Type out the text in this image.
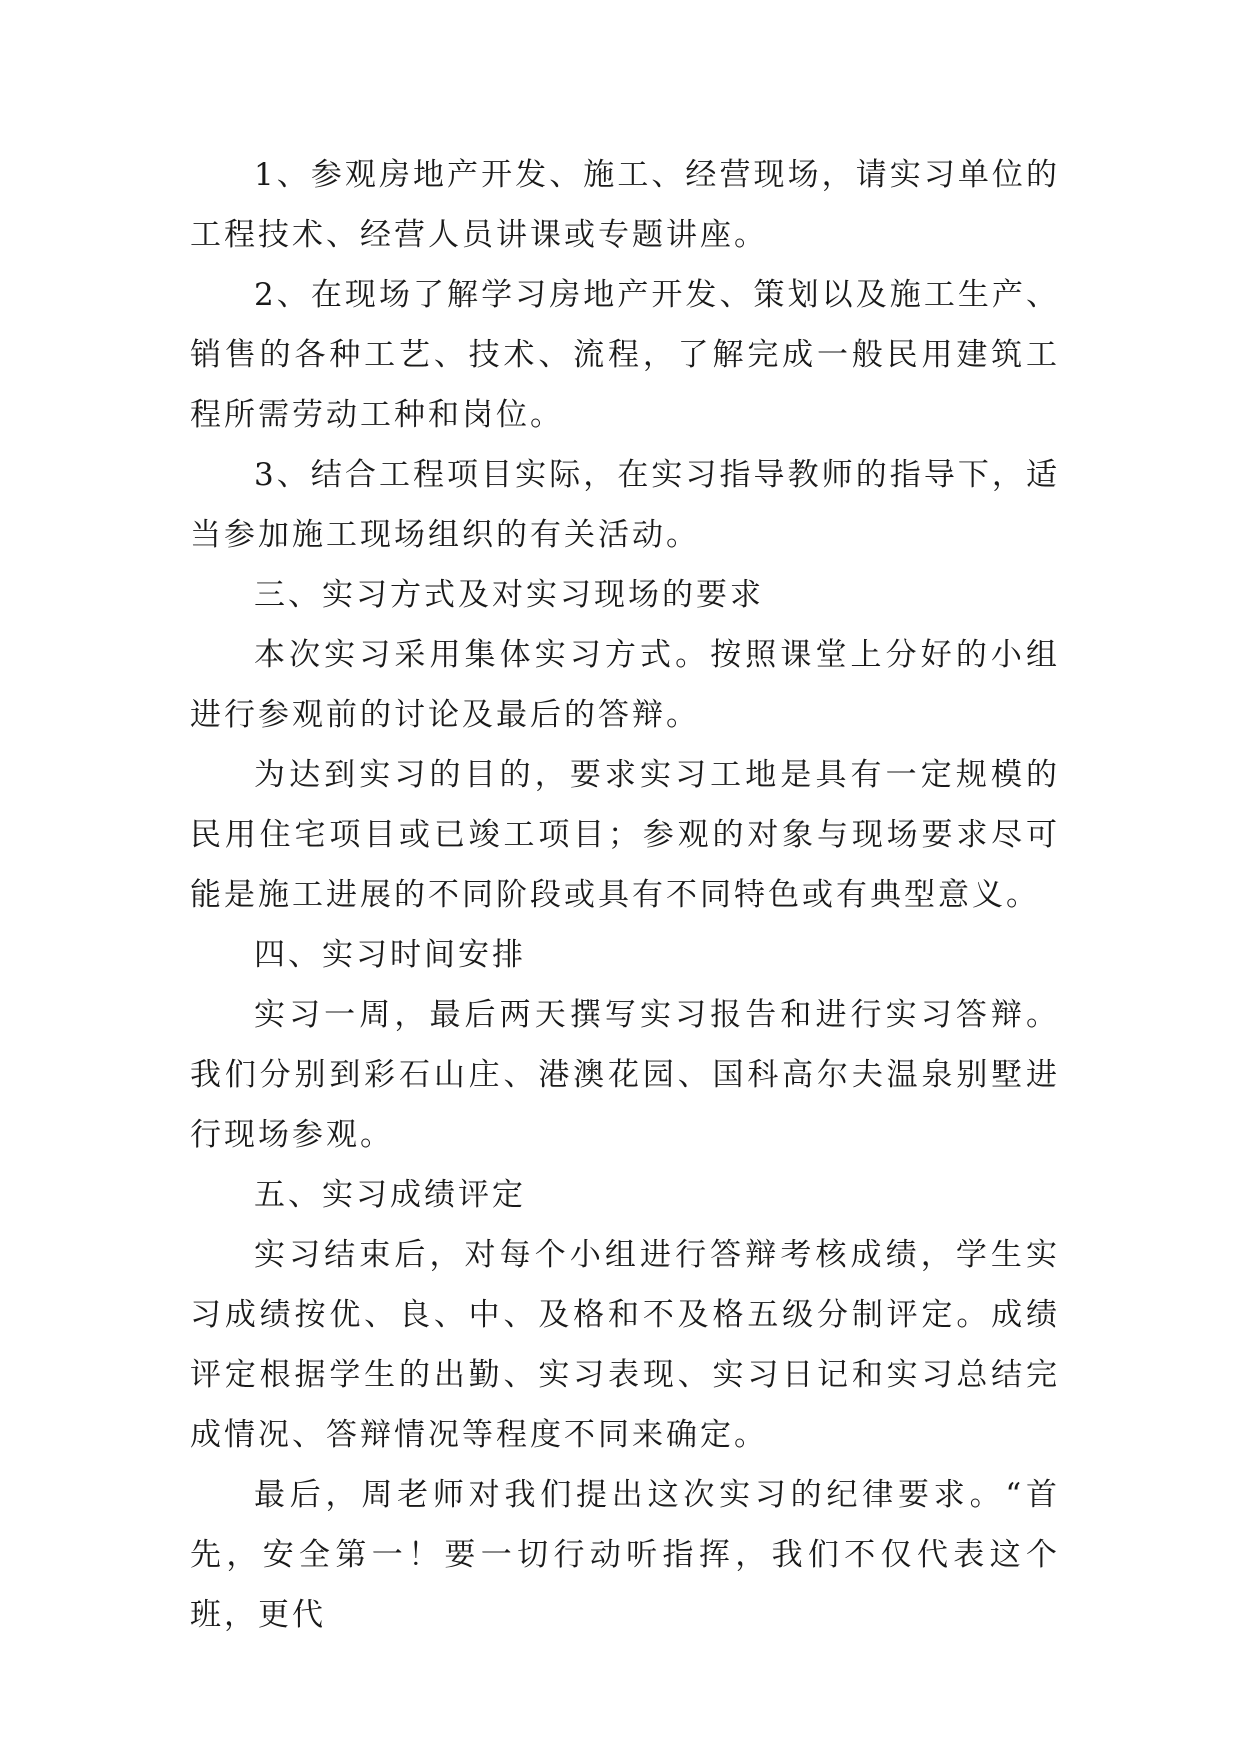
1、参观房地产开发、施工、经营现场，请实习单位的工程技术、经营人员讲课或专题讲座。

2、在现场了解学习房地产开发、策划以及施工生产、销售的各种工艺、技术、流程，了解完成一般民用建筑工程所需劳动工种和岗位。

3、结合工程项目实际，在实习指导教师的指导下，适当参加施工现场组织的有关活动。

三、实习方式及对实习现场的要求

本次实习采用集体实习方式。按照课堂上分好的小组进行参观前的讨论及最后的答辩。

为达到实习的目的，要求实习工地是具有一定规模的民用住宅项目或已竣工项目；参观的对象与现场要求尽可能是施工进展的不同阶段或具有不同特色或有典型意义。

四、实习时间安排

实习一周，最后两天撰写实习报告和进行实习答辩。我们分别到彩石山庄、港澳花园、国科高尔夫温泉别墅进行现场参观。

五、实习成绩评定

实习结束后，对每个小组进行答辩考核成绩，学生实习成绩按优、良、中、及格和不及格五级分制评定。成绩评定根据学生的出勤、实习表现、实习日记和实习总结完成情况、答辩情况等程度不同来确定。

最后，周老师对我们提出这次实习的纪律要求。“首先，安全第一！要一切行动听指挥，我们不仅代表这个班，更代
